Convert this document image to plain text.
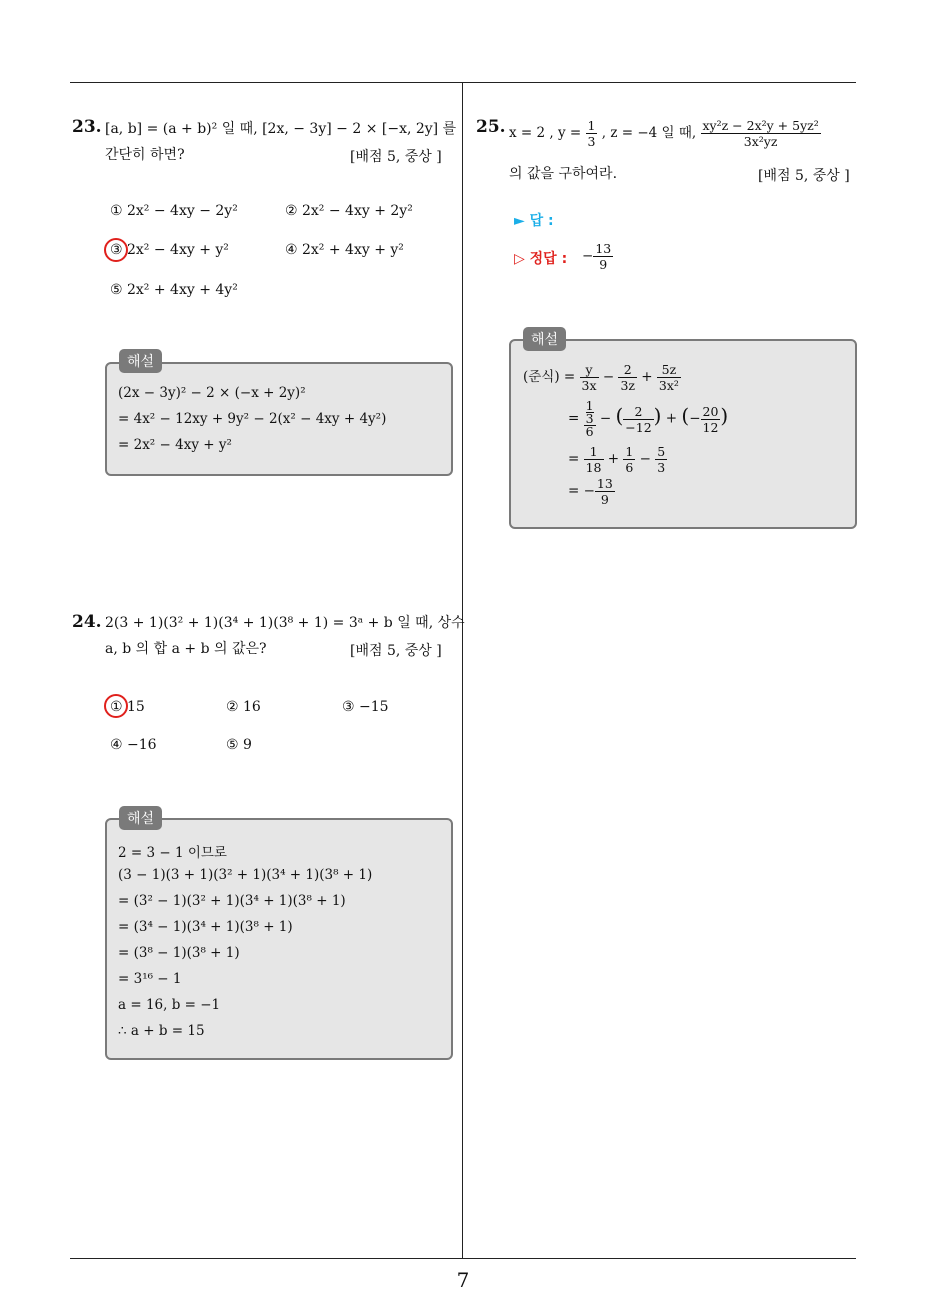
7
23. [a, b] = (a + b)² 일 때, [2x, − 3y] − 2 × [−x, 2y] 를
간단히 하면?	[배점 5, 중상 ]
① 2x² − 4xy − 2y²	② 2x² − 4xy + 2y²
③ 2x² − 4xy + y²	④ 2x² + 4xy + y²
⑤ 2x² + 4xy + 4y²
해설
(2x − 3y)² − 2 × (−x + 2y)²
= 4x² − 12xy + 9y² − 2(x² − 4xy + 4y²)
= 2x² − 4xy + y²
24. 2(3 + 1)(3² + 1)(3⁴ + 1)(3⁸ + 1) = 3ᵃ + b 일 때, 상수
a, b 의 합 a + b 의 값은?	[배점 5, 중상 ]
① 15	② 16	③ −15
④ −16	⑤ 9
해설
2 = 3 − 1 이므로
(3 − 1)(3 + 1)(3² + 1)(3⁴ + 1)(3⁸ + 1)
= (3² − 1)(3² + 1)(3⁴ + 1)(3⁸ + 1)
= (3⁴ − 1)(3⁴ + 1)(3⁸ + 1)
= (3⁸ − 1)(3⁸ + 1)
= 3¹⁶ − 1
a = 16, b = −1
∴ a + b = 15
25. x = 2 , $y = \frac{1}{3}$ , z = −4 일 때, $\frac{\text{xy²z − 2x²y + 5yz²}}{\text{3x²yz}}$
의 값을 구하여라.	[배점 5, 중상 ]
► 답 :
▷ 정답 : − $\frac{13}{9}$
해설
(준식) = $\frac{y}{3x} - \frac{2}{3z} + \frac{5z}{\text{3x²}}$
= 1
3
6 − ( $\frac{2}{-12}$ ) + (− $\frac{20}{12}$ )
= $\frac{1}{18} + \frac{1}{6} - \frac{5}{3}$
= − $\frac{13}{9}$
